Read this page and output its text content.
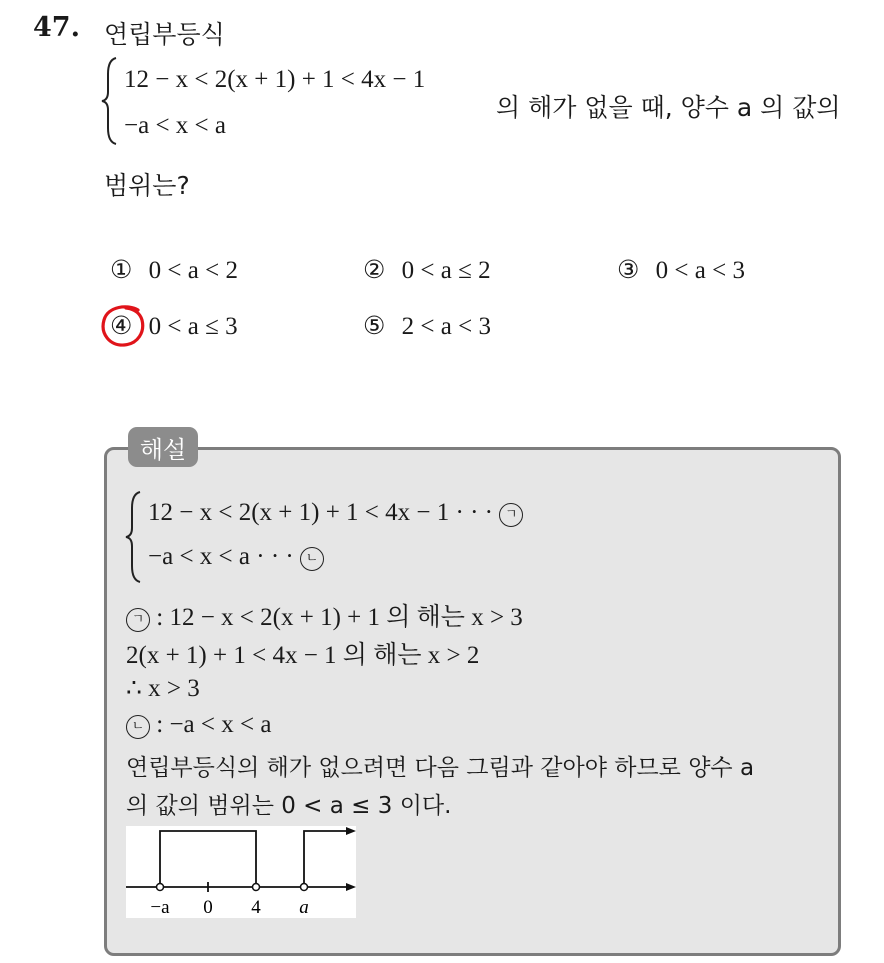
47. 연립부등식
12 − x < 2(x + 1) + 1 < 4x − 1
−a < x < a
의 해가 없을 때, 양수 a 의 값의
범위는?
① 0 < a < 2	② 0 < a ≤ 2	③ 0 < a < 3
④ 0 < a ≤ 3	⑤ 2 < a < 3
해설
12 − x < 2(x + 1) + 1 < 4x − 1 · · · ㄱ
−a < x < a · · · ㄴ
ㄱ : 12 − x < 2(x + 1) + 1 의 해는 x > 3
2(x + 1) + 1 < 4x − 1 의 해는 x > 2
∴ x > 3
ㄴ : −a < x < a
연립부등식의 해가 없으려면 다음 그림과 같아야 하므로 양수 a
의 값의 범위는 0 < a ≤ 3 이다.
−a 0 4 a
